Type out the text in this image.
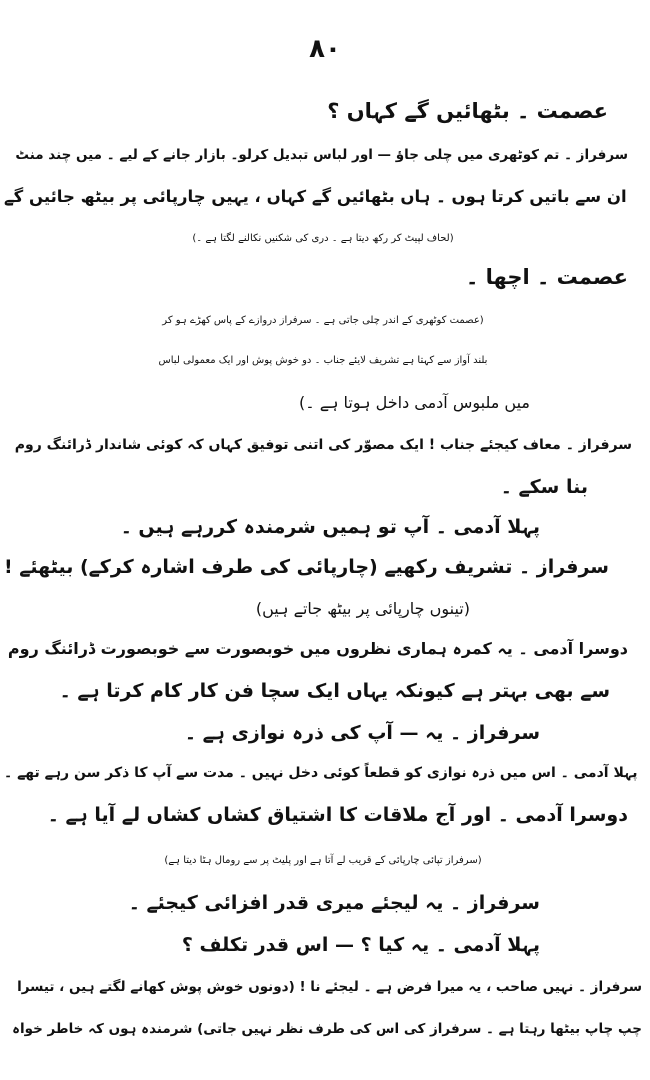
۸۰
عصمت ۔ بٹھائیں گے کہاں ؟
سرفراز ۔ تم کوٹھری میں چلی جاؤ — اور لباس تبدیل کرلو۔ بازار جانے کے لیے ۔ میں چند منٹ
ان سے باتیں کرتا ہوں ۔ ہاں بٹھائیں گے کہاں ، یہیں چارپائی پر بیٹھ جائیں گے
(لحاف لپیٹ کر رکھ دیتا ہے ۔ دری کی شکنیں نکالنے لگتا ہے ۔)
عصمت ۔ اچھا ۔
(عصمت کوٹھری کے اندر چلی جاتی ہے ۔ سرفراز دروازے کے پاس کھڑے ہو کر
بلند آواز سے کہتا ہے تشریف لایئے جناب ۔ دو خوش پوش اور ایک معمولی لباس
میں ملبوس آدمی داخل ہوتا ہے ۔)
سرفراز ۔ معاف کیجئے جناب ! ایک مصوّر کی اتنی توفیق کہاں کہ کوئی شاندار ڈرائنگ روم
بنا سکے ۔
پہلا آدمی ۔ آپ تو ہمیں شرمندہ کررہے ہیں ۔
سرفراز ۔ تشریف رکھیے (چارپائی کی طرف اشارہ کرکے) بیٹھئے !
(تینوں چارپائی پر بیٹھ جاتے ہیں)
دوسرا آدمی ۔ یہ کمرہ ہماری نظروں میں خوبصورت سے خوبصورت ڈرائنگ روم
سے بھی بہتر ہے کیونکہ یہاں ایک سچا فن کار کام کرتا ہے ۔
سرفراز ۔ یہ — آپ کی ذرہ نوازی ہے ۔
پہلا آدمی ۔ اس میں ذرہ نوازی کو قطعاً کوئی دخل نہیں ۔ مدت سے آپ کا ذکر سن رہے تھے ۔
دوسرا آدمی ۔ اور آج ملاقات کا اشتیاق کشاں کشاں لے آیا ہے ۔
(سرفراز تپائی چارپائی کے قریب لے آتا ہے اور پلیٹ پر سے رومال ہٹا دیتا ہے)
سرفراز ۔ یہ لیجئے میری قدر افزائی کیجئے ۔
پہلا آدمی ۔ یہ کیا ؟ — اس قدر تکلف ؟
سرفراز ۔ نہیں صاحب ، یہ میرا فرض ہے ۔ لیجئے نا ! (دونوں خوش پوش کھانے لگتے ہیں ، تیسرا
چپ چاپ بیٹھا رہتا ہے ۔ سرفراز کی اس کی طرف نظر نہیں جاتی) شرمندہ ہوں کہ خاطر خواہ
